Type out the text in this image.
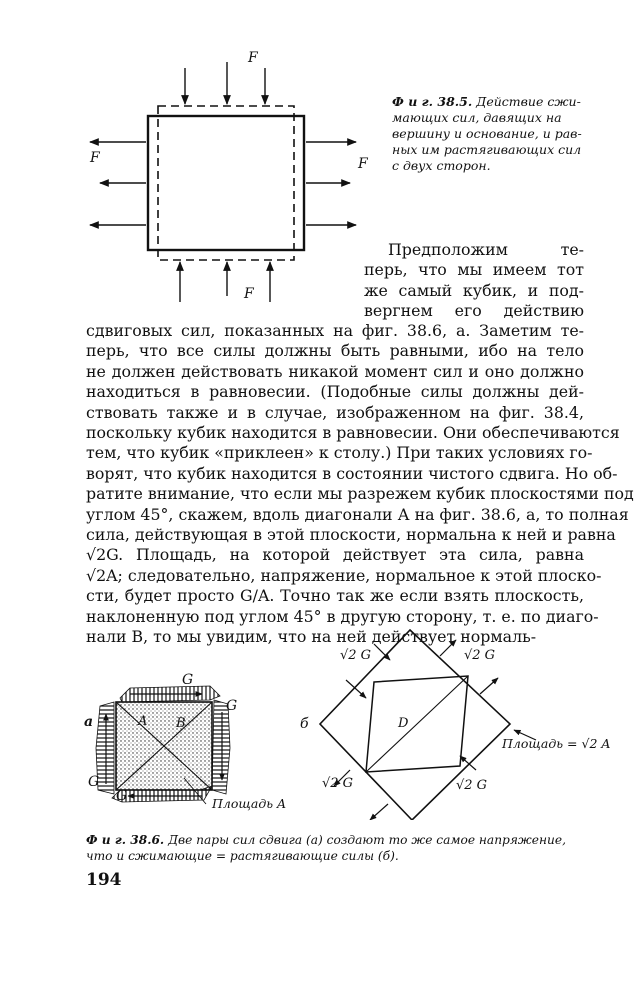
F
F	F
F
Ф и г. 38.5. Действие сжи-
мающих сил, давящих на
вершину и основание, и рав-
ных им растягивающих сил
с двух сторон.
Предположим те-
перь, что мы имеем тот
же самый кубик, и под-
вергнем его действию
сдвиговых сил, показанных на фиг. 38.6, а. Заметим те-
перь, что все силы должны быть равными, ибо на тело
не должен действовать никакой момент сил и оно должно
находиться в равновесии. (Подобные силы должны дей-
ствовать также и в случае, изображенном на фиг. 38.4,
поскольку кубик находится в равновесии. Они обеспечиваются
тем, что кубик «приклеен» к столу.) При таких условиях го-
ворят, что кубик находится в состоянии чистого сдвига. Но об-
ратите внимание, что если мы разрежем кубик плоскостями под
углом 45°, скажем, вдоль диагонали А на фиг. 38.6, а, то полная
сила, действующая в этой плоскости, нормальна к ней и равна
√2G. Площадь, на которой действует эта сила, равна
√2A; следовательно, напряжение, нормальное к этой плоско-
сти, будет просто G/A. Точно так же если взять плоскость,
наклоненную под углом 45° в другую сторону, т. е. по диаго-
нали В, то мы увидим, что на ней действует нормаль-
а
G
G
G
G
A B
Площадь A
б
√2 G	√2 G
√2 G	√2 G
D
Площадь = √2 A
Ф и г. 38.6. Две пары сил сдвига (а) создают то же самое напряжение,
что и сжимающие = растягивающие силы (б).
194
